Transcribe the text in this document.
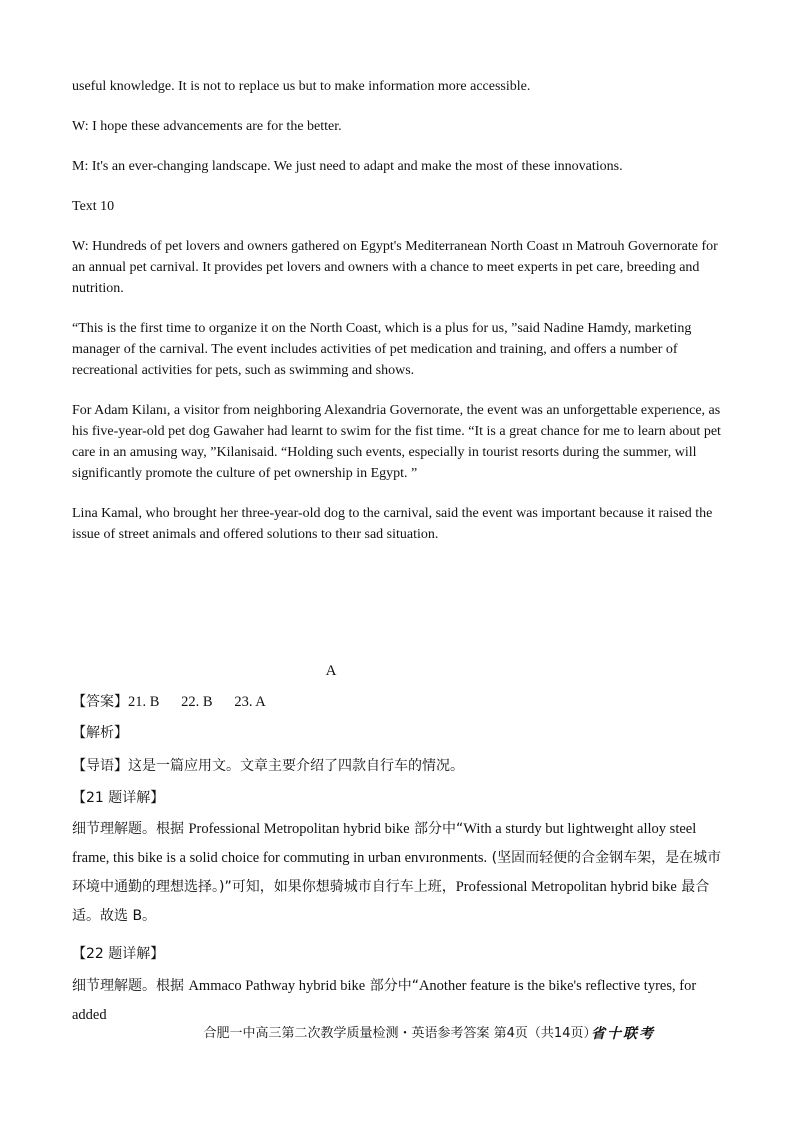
useful knowledge. It is not to replace us but to make information more accessible.

W: I hope these advancements are for the better.

M: It's an ever-changing landscape. We just need to adapt and make the most of these innovations.

Text 10

W: Hundreds of pet lovers and owners gathered on Egypt's Mediterranean North Coast ın Matrouh Governorate for an annual pet carnival. It provides pet lovers and owners with a chance to meet experts in pet care, breeding and nutrition.

“This is the first time to organize it on the North Coast, which is a plus for us, ”said Nadine Hamdy, marketing manager of the carnival. The event includes activities of pet medication and training, and offers a number of recreational activities for pets, such as swimming and shows.

For Adam Kilanı, a visitor from neighboring Alexandria Governorate, the event was an unforgettable experıence, as his five-year-old pet dog Gawaher had learnt to swim for the fist time. “It is a great chance for me to learn about pet care in an amusing way, ”Kilanisaid. “Holding such events, especially in tourist resorts during the summer, will significantly promote the culture of pet ownership in Egypt. ”

Lina Kamal, who brought her three-year-old dog to the carnival, said the event was important because it raised the issue of street animals and offered solutions to theır sad situation.

A

【答案】21. B      22. B      23. A

【解析】

【导语】这是一篇应用文。文章主要介绍了四款自行车的情况。

【21 题详解】

细节理解题。根据 Professional Metropolitan hybrid bike 部分中“With a sturdy but lightweıght alloy steel frame, this bike is a solid choice for commuting in urban envıronments. (坚固而轻便的合金钢车架，是在城市环境中通勤的理想选择。)”可知，如果你想骑城市自行车上班，Professional Metropolitan hybrid bike 最合适。故选 B。

【22 题详解】

细节理解题。根据 Ammaco Pathway hybrid bike 部分中“Another feature is the bike's reflective tyres, for added

合肥一中高三第二次教学质量检测・英语参考答案 第4页（共14页）
省十联考
